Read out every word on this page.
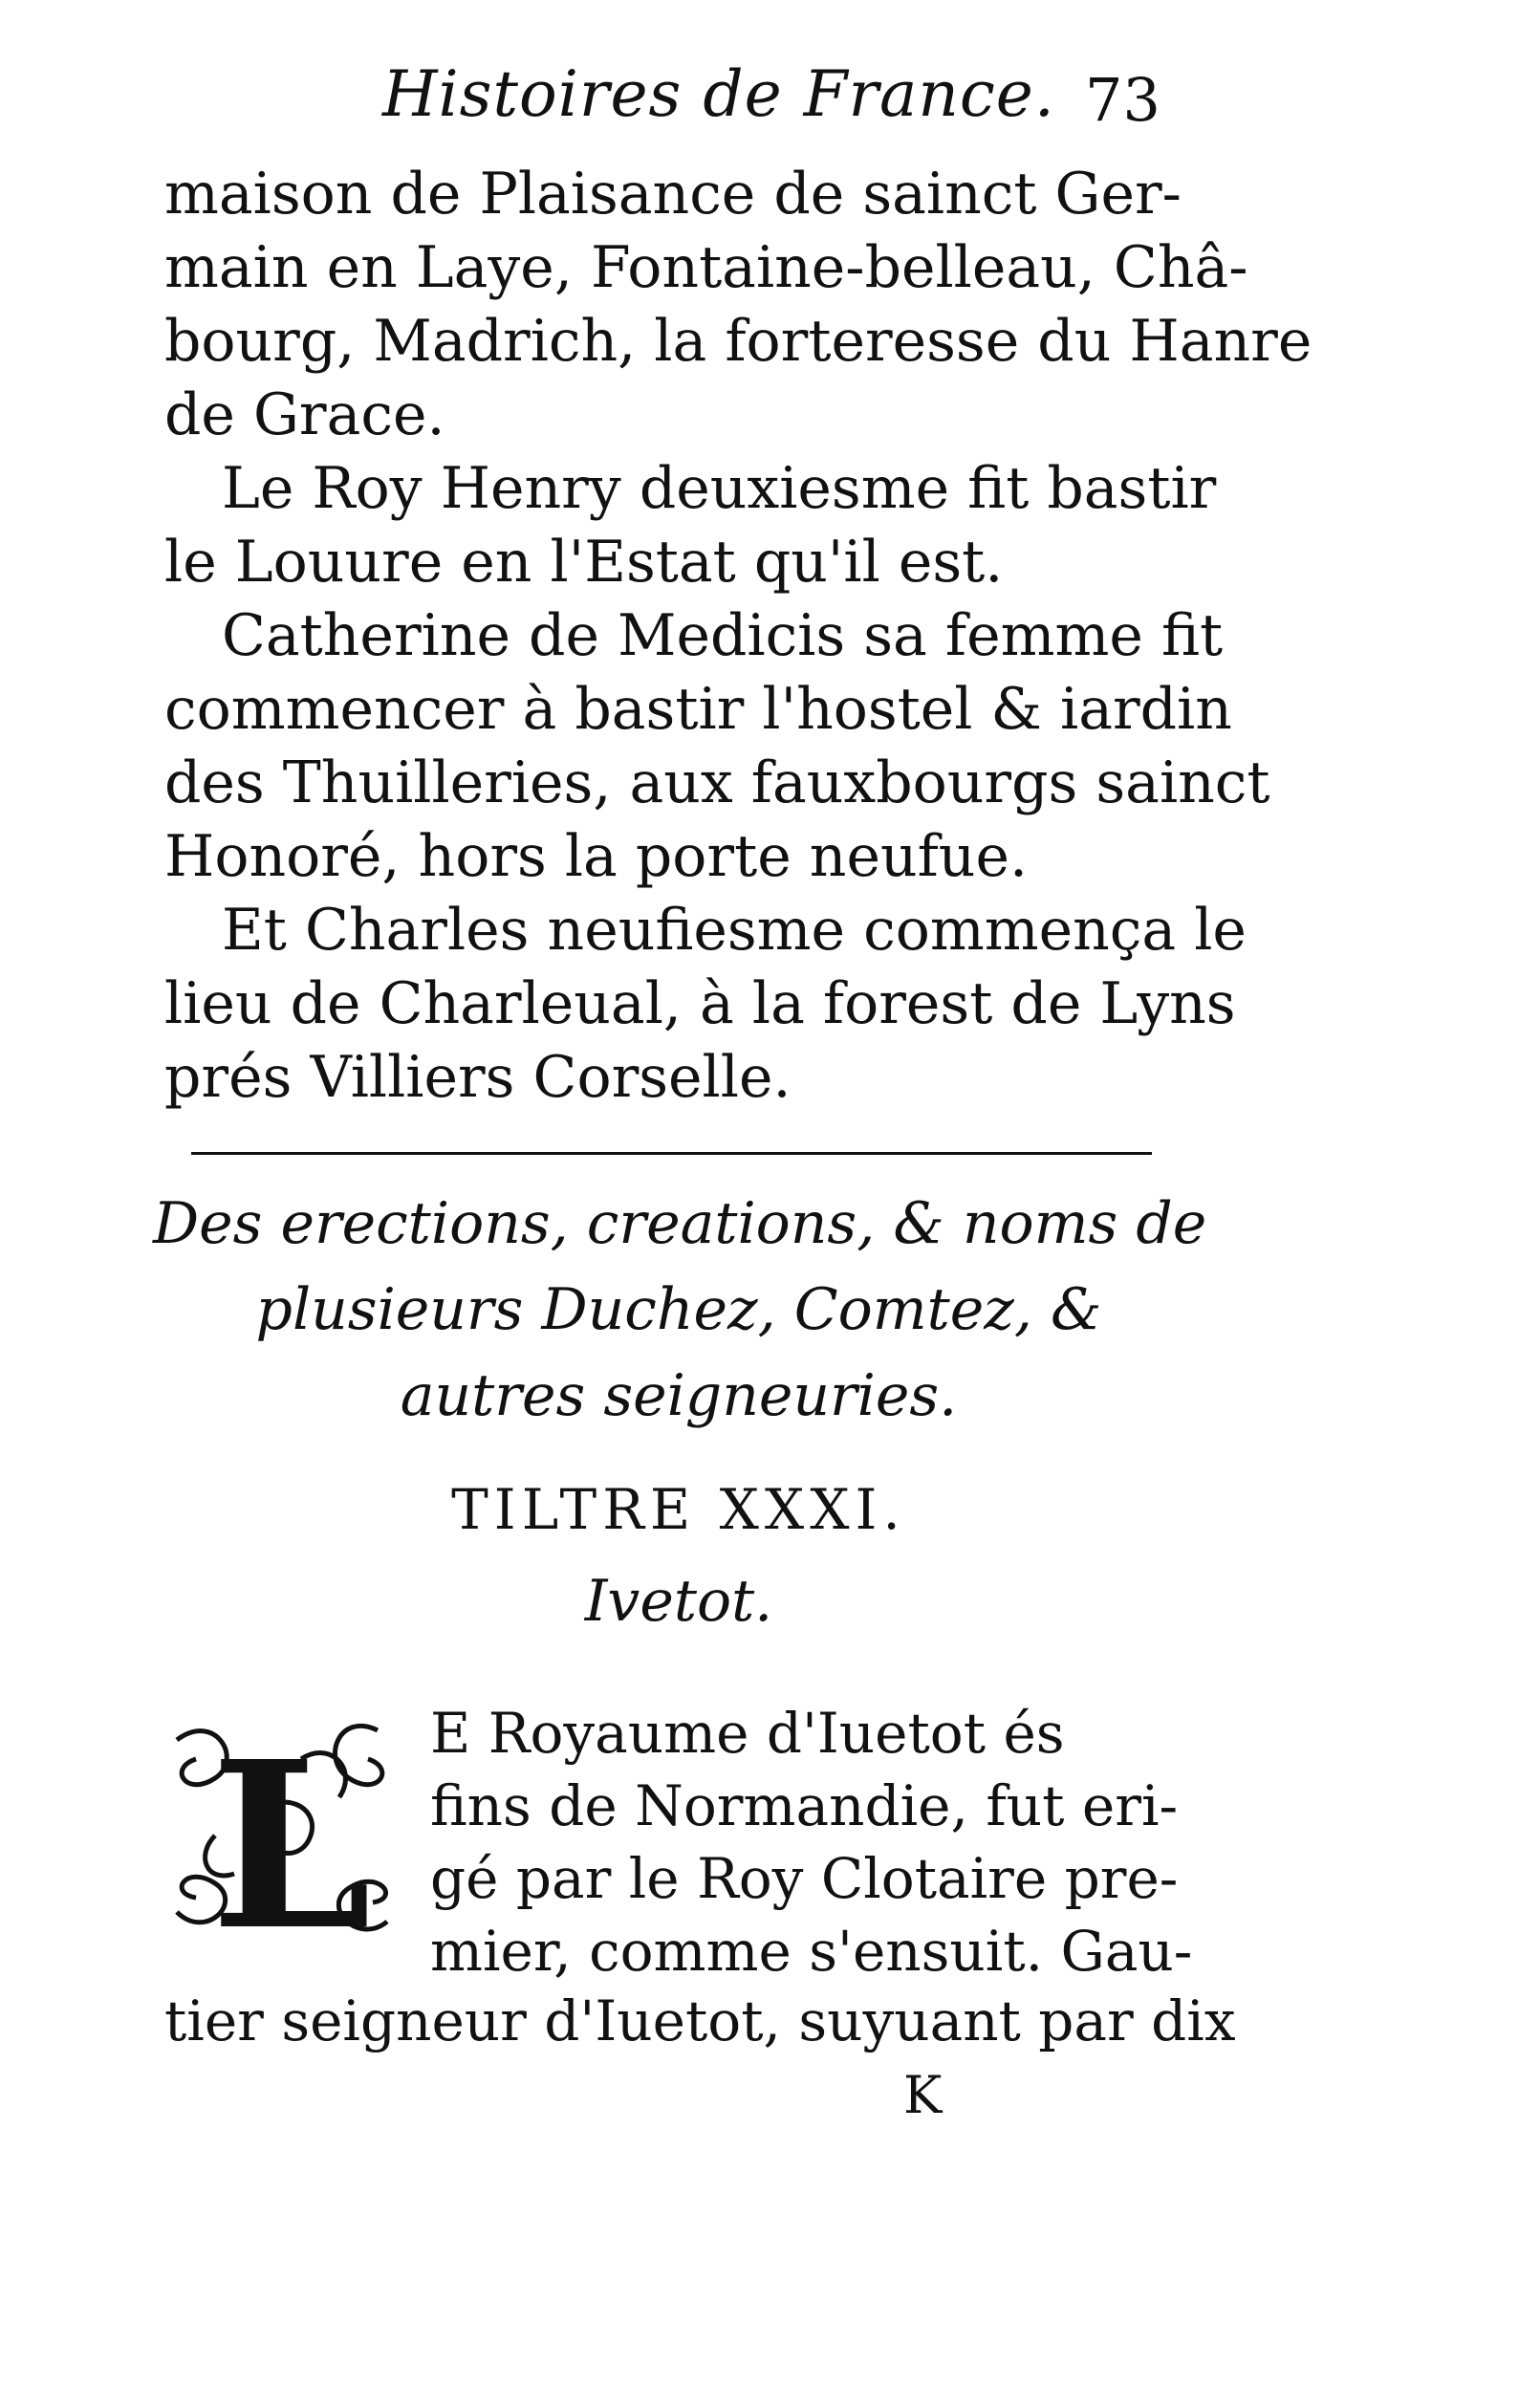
Histoires de France. 73
maison de Plaisance de sainct Ger-
main en Laye, Fontaine-belleau, Châ-
bourg, Madrich, la forteresse du Hanre
de Grace.
Le Roy Henry deuxiesme fit bastir
le Louure en l'Estat qu'il est.
Catherine de Medicis sa femme fit
commencer à bastir l'hostel & iardin
des Thuilleries, aux fauxbourgs sainct
Honoré, hors la porte neufue.
Et Charles neufiesme commença le
lieu de Charleual, à la forest de Lyns
prés Villiers Corselle.
Des erections, creations, & noms de
plusieurs Duchez, Comtez, &
autres seigneuries.
TILTRE XXXI.
Ivetot.
L E Royaume d'Iuetot és
fins de Normandie, fut eri-
gé par le Roy Clotaire pre-
mier, comme s'ensuit. Gau-
tier seigneur d'Iuetot, suyuant par dix
K
